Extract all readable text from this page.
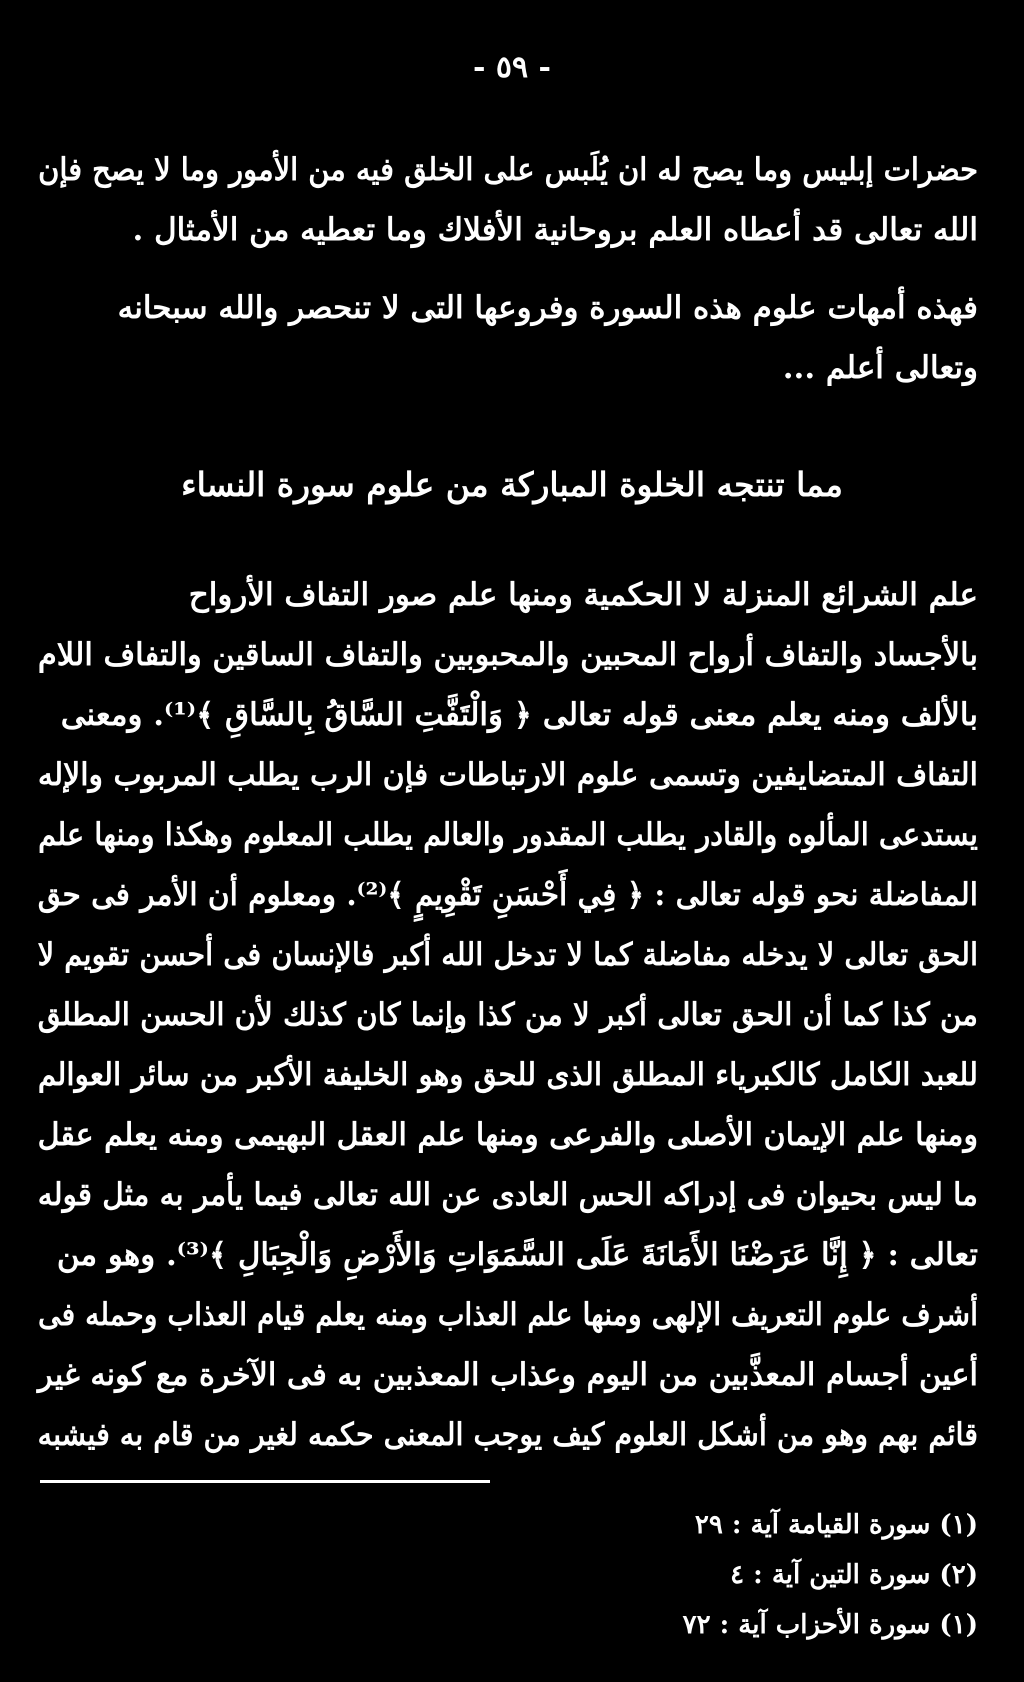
- ٥٩ -
حضرات إبليس وما يصح له ان يُلَبس على الخلق فيه من الأمور وما لا يصح فإن
الله تعالى قد أعطاه العلم بروحانية الأفلاك وما تعطيه من الأمثال .
فهذه أمهات علوم هذه السورة وفروعها التى لا تنحصر والله سبحانه
وتعالى أعلم ...
مما تنتجه الخلوة المباركة من علوم سورة النساء
علم الشرائع المنزلة لا الحكمية ومنها علم صور التفاف الأرواح
بالأجساد والتفاف أرواح المحبين والمحبوبين والتفاف الساقين والتفاف اللام
بالألف ومنه يعلم معنى قوله تعالى ﴿ وَالْتَفَّتِ السَّاقُ بِالسَّاقِ ﴾⁽¹⁾. ومعنى
التفاف المتضايفين وتسمى علوم الارتباطات فإن الرب يطلب المربوب والإله
يستدعى المألوه والقادر يطلب المقدور والعالم يطلب المعلوم وهكذا ومنها علم
المفاضلة نحو قوله تعالى : ﴿ فِي أَحْسَنِ تَقْوِيمٍ ﴾⁽²⁾. ومعلوم أن الأمر فى حق
الحق تعالى لا يدخله مفاضلة كما لا تدخل الله أكبر فالإنسان فى أحسن تقويم لا
من كذا كما أن الحق تعالى أكبر لا من كذا وإنما كان كذلك لأن الحسن المطلق
للعبد الكامل كالكبرياء المطلق الذى للحق وهو الخليفة الأكبر من سائر العوالم
ومنها علم الإيمان الأصلى والفرعى ومنها علم العقل البهيمى ومنه يعلم عقل
ما ليس بحيوان فى إدراكه الحس العادى عن الله تعالى فيما يأمر به مثل قوله
تعالى : ﴿ إِنَّا عَرَضْنَا الأَمَانَةَ عَلَى السَّمَوَاتِ وَالأَرْضِ وَالْجِبَالِ ﴾⁽³⁾. وهو من
أشرف علوم التعريف الإلهى ومنها علم العذاب ومنه يعلم قيام العذاب وحمله فى
أعين أجسام المعذَّبين من اليوم وعذاب المعذبين به فى الآخرة مع كونه غير
قائم بهم وهو من أشكل العلوم كيف يوجب المعنى حكمه لغير من قام به فيشبه
(١) سورة القيامة آية : ٢٩
(٢) سورة التين آية : ٤
(١) سورة الأحزاب آية : ٧٢
